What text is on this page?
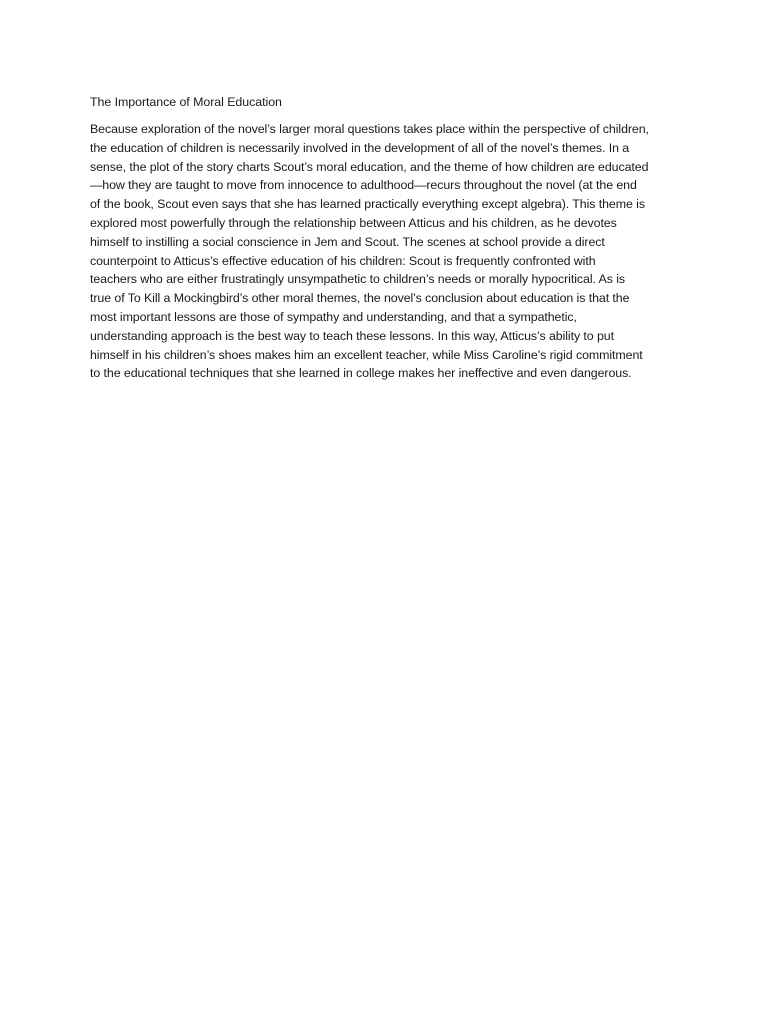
The Importance of Moral Education

Because exploration of the novel’s larger moral questions takes place within the perspective of children,
the education of children is necessarily involved in the development of all of the novel’s themes. In a
sense, the plot of the story charts Scout’s moral education, and the theme of how children are educated
—how they are taught to move from innocence to adulthood—recurs throughout the novel (at the end
of the book, Scout even says that she has learned practically everything except algebra). This theme is
explored most powerfully through the relationship between Atticus and his children, as he devotes
himself to instilling a social conscience in Jem and Scout. The scenes at school provide a direct
counterpoint to Atticus’s effective education of his children: Scout is frequently confronted with
teachers who are either frustratingly unsympathetic to children’s needs or morally hypocritical. As is
true of To Kill a Mockingbird’s other moral themes, the novel’s conclusion about education is that the
most important lessons are those of sympathy and understanding, and that a sympathetic,
understanding approach is the best way to teach these lessons. In this way, Atticus’s ability to put
himself in his children’s shoes makes him an excellent teacher, while Miss Caroline’s rigid commitment
to the educational techniques that she learned in college makes her ineffective and even dangerous.
